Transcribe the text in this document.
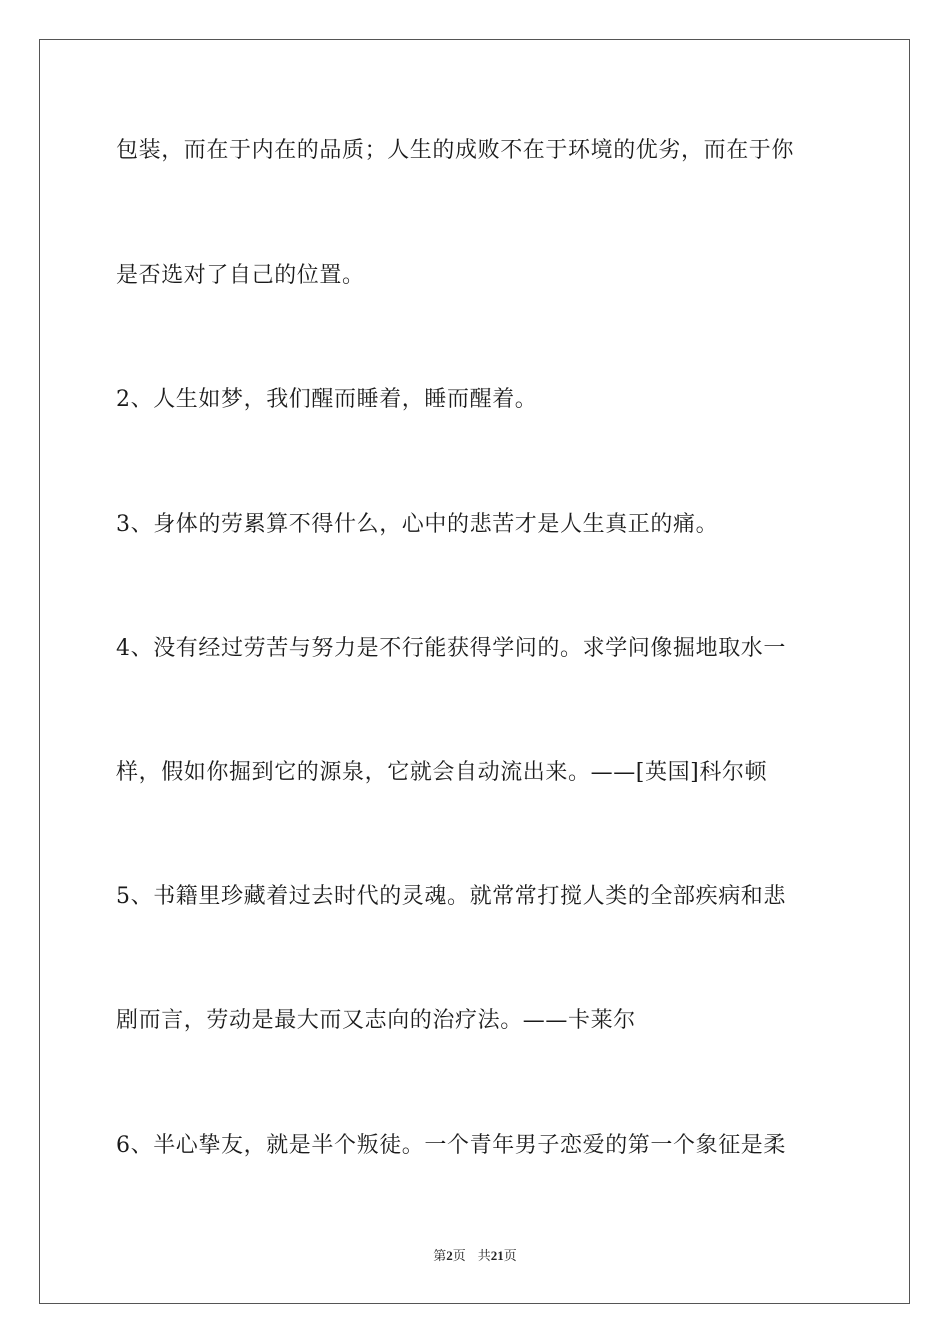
包装，而在于内在的品质；人生的成败不在于环境的优劣，而在于你
是否选对了自己的位置。
2、人生如梦，我们醒而睡着，睡而醒着。
3、身体的劳累算不得什么，心中的悲苦才是人生真正的痛。
4、没有经过劳苦与努力是不行能获得学问的。求学问像掘地取水一
样，假如你掘到它的源泉，它就会自动流出来。——[英国]科尔顿
5、书籍里珍藏着过去时代的灵魂。就常常打搅人类的全部疾病和悲
剧而言，劳动是最大而又志向的治疗法。——卡莱尔
6、半心挚友，就是半个叛徒。一个青年男子恋爱的第一个象征是柔
第2页 共21页
